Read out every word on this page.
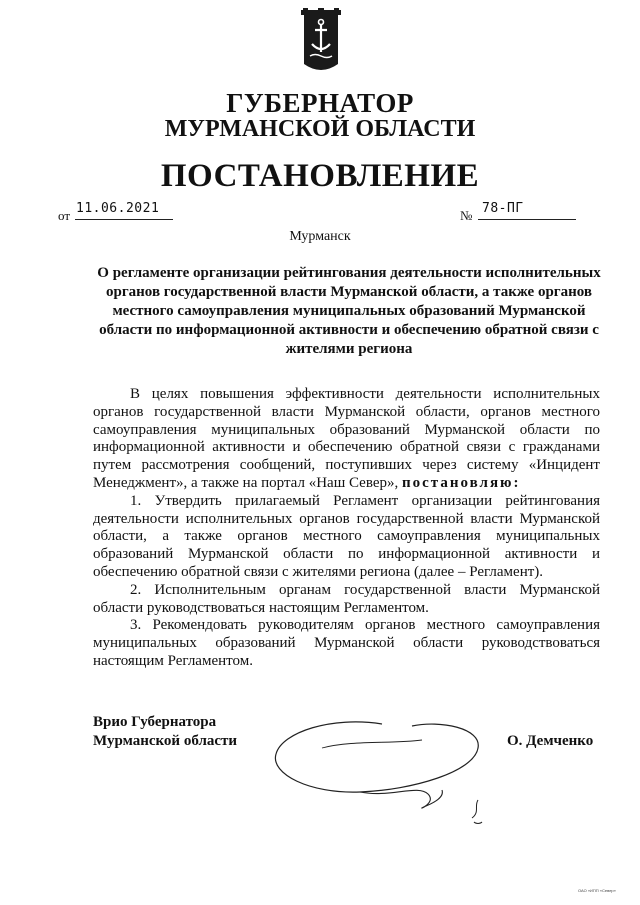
ГУБЕРНАТОР
МУРМАНСКОЙ ОБЛАСТИ
ПОСТАНОВЛЕНИЕ
от 11.06.2021	№ 78-ПГ
Мурманск
О регламенте организации рейтингования деятельности исполнительных органов государственной власти Мурманской области, а также органов местного самоуправления муниципальных образований Мурманской области по информационной активности и обеспечению обратной связи с жителями региона

В целях повышения эффективности деятельности исполнительных органов государственной власти Мурманской области, органов местного самоуправления муниципальных образований Мурманской области по информационной активности и обеспечению обратной связи с гражданами путем рассмотрения сообщений, поступивших через систему «Инцидент Менеджмент», а также на портал «Наш Север», постановляю:

1. Утвердить прилагаемый Регламент организации рейтингования деятельности исполнительных органов государственной власти Мурманской области, а также органов местного самоуправления муниципальных образований Мурманской области по информационной активности и обеспечению обратной связи с жителями региона (далее – Регламент).

2. Исполнительным органам государственной власти Мурманской области руководствоваться настоящим Регламентом.

3. Рекомендовать руководителям органов местного самоуправления муниципальных образований Мурманской области руководствоваться настоящим Регламентом.

Врио Губернатора
Мурманской области	О. Демченко
ОАО «ИПП «Север»
